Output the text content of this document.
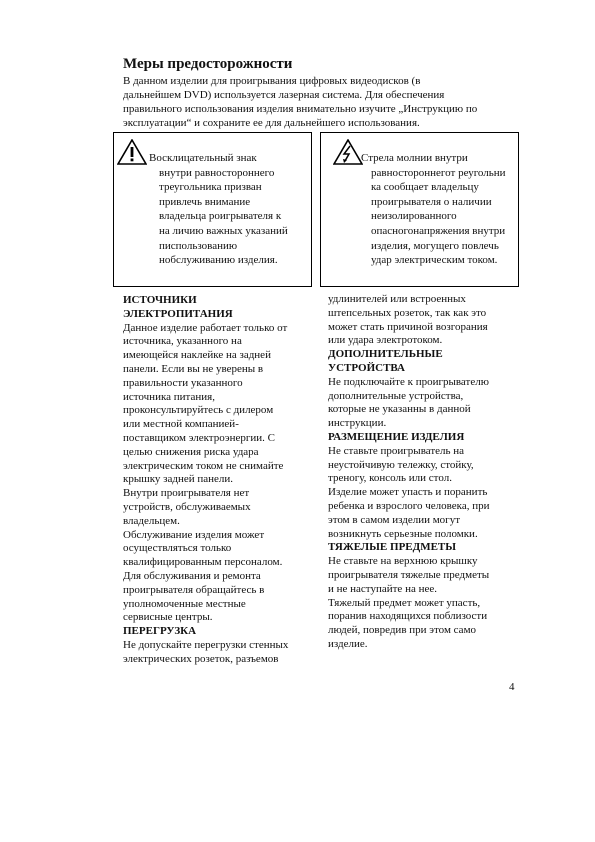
Меры предосторожности
В данном изделии для проигрывания цифровых видеодисков (в
дальнейшем DVD) используется лазерная система. Для обеспечения
правильного использования изделия внимательно изучите „Инструкцию по
эксплуатации“ и сохраните ее для дальнейшего использования.
Восклицательный знак
внутри равностороннего
треугольника призван
привлечь внимание
владельца роигрывателя к
на личию важных указаний
писпользованию
нобслуживанию изделия.
Стрела молнии внутри
равностороннегот реугольни
ка сообщает владельцу
проигрывателя о наличии
неизолированного
опасногонапряжения внутри
изделия, могущего повлечь
удар электрическим током.
ИСТОЧНИКИ
ЭЛЕКТРОПИТАНИЯ
Данное изделие работает только от
источника, указанного на
имеющейся наклейке на задней
панели. Если вы не уверены в
правильности указанного
источника питания,
проконсультируйтесь с дилером
или местной компанией-
поставщиком электроэнергии. С
целью снижения риска удара
электрическим током не снимайте
крышку задней панели.
Внутри проигрывателя нет
устройств, обслуживаемых
владельцем.
Обслуживание изделия может
осуществляться только
квалифицированным персоналом.
Для обслуживания и ремонта
проигрывателя обращайтесь в
уполномоченные местные
сервисные центры.
ПЕРЕГРУЗКА
Не допускайте перегрузки стенных
электрических розеток, разъемов
удлинителей или встроенных
штепсельных розеток, так как это
может стать причиной возгорания
или удара электротоком.
ДОПОЛНИТЕЛЬНЫЕ
УСТРОЙСТВА
Не подключайте к проигрывателю
дополнительные устройства,
которые не указанны в данной
инструкции.
РАЗМЕЩЕНИЕ ИЗДЕЛИЯ
Не ставьте проигрыватель на
неустойчивую тележку, стойку,
треногу, консоль или стол.
Изделие может упасть и поранить
ребенка и взрослого человека, при
этом в самом изделии могут
возникнуть серьезные поломки.
ТЯЖЕЛЫЕ ПРЕДМЕТЫ
Не ставьте на верхнюю крышку
проигрывателя тяжелые предметы
и не наступайте на нее.
Тяжелый предмет может упасть,
поранив находящихся поблизости
людей, повредив при этом само
изделие.
4
